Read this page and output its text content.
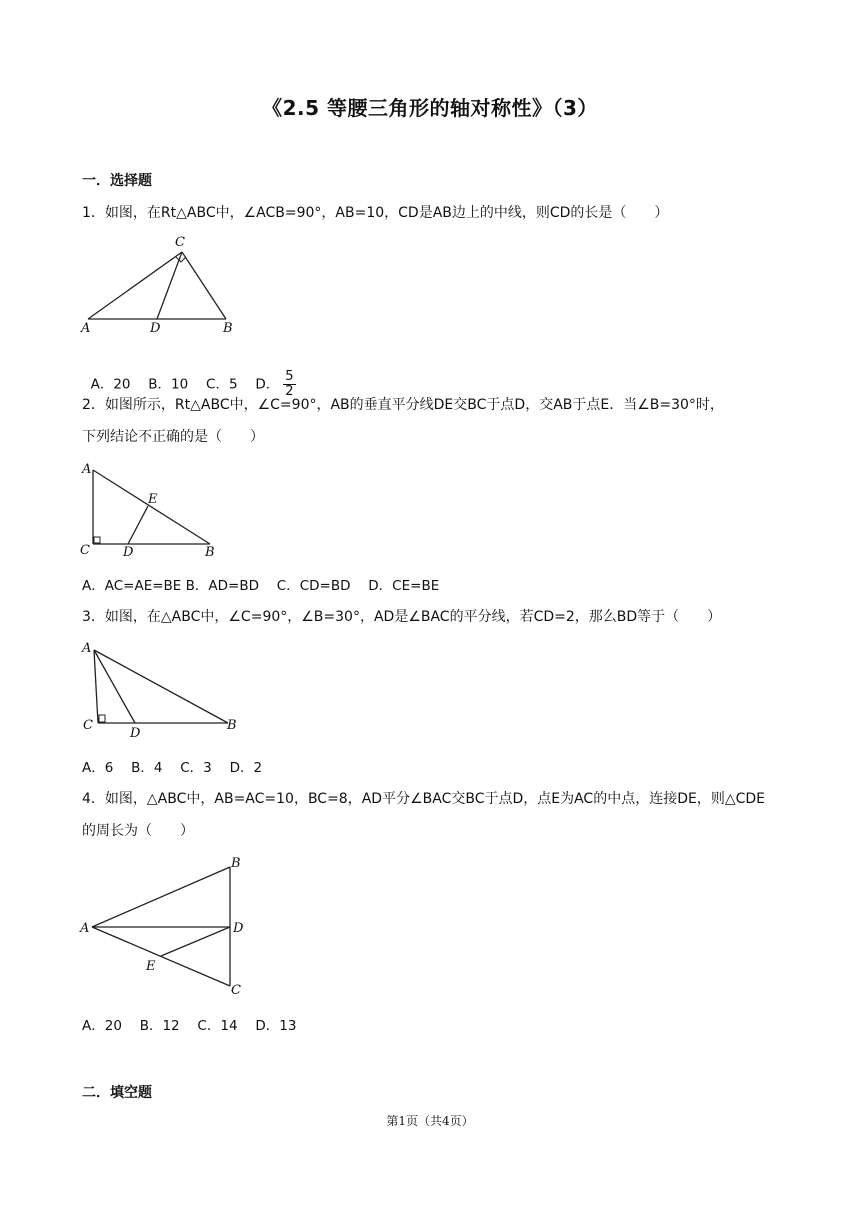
《2.5 等腰三角形的轴对称性》（3）
一．选择题
1．如图，在Rt△ABC中，∠ACB=90°，AB=10，CD是AB边上的中线，则CD的长是（　　）
C
A	D	B

A．20　 B．10　 C．5　 D． $\frac{5}{2}$

2．如图所示，Rt△ABC中，∠C=90°，AB的垂直平分线DE交BC于点D，交AB于点E．当∠B=30°时，
下列结论不正确的是（　　）
A
E
C	D	B
A．AC=AE=BE B．AD=BD　 C．CD=BD　 D．CE=BE
3．如图，在△ABC中，∠C=90°，∠B=30°，AD是∠BAC的平分线，若CD=2，那么BD等于（　　）
A
C
D
B
A．6　 B．4　 C．3　 D．2
4．如图，△ABC中，AB=AC=10，BC=8，AD平分∠BAC交BC于点D，点E为AC的中点，连接DE，则△CDE
的周长为（　　）
B
A	D
E
C
A．20　 B．12　 C．14　 D．13
二．填空题
第1页（共4页）
